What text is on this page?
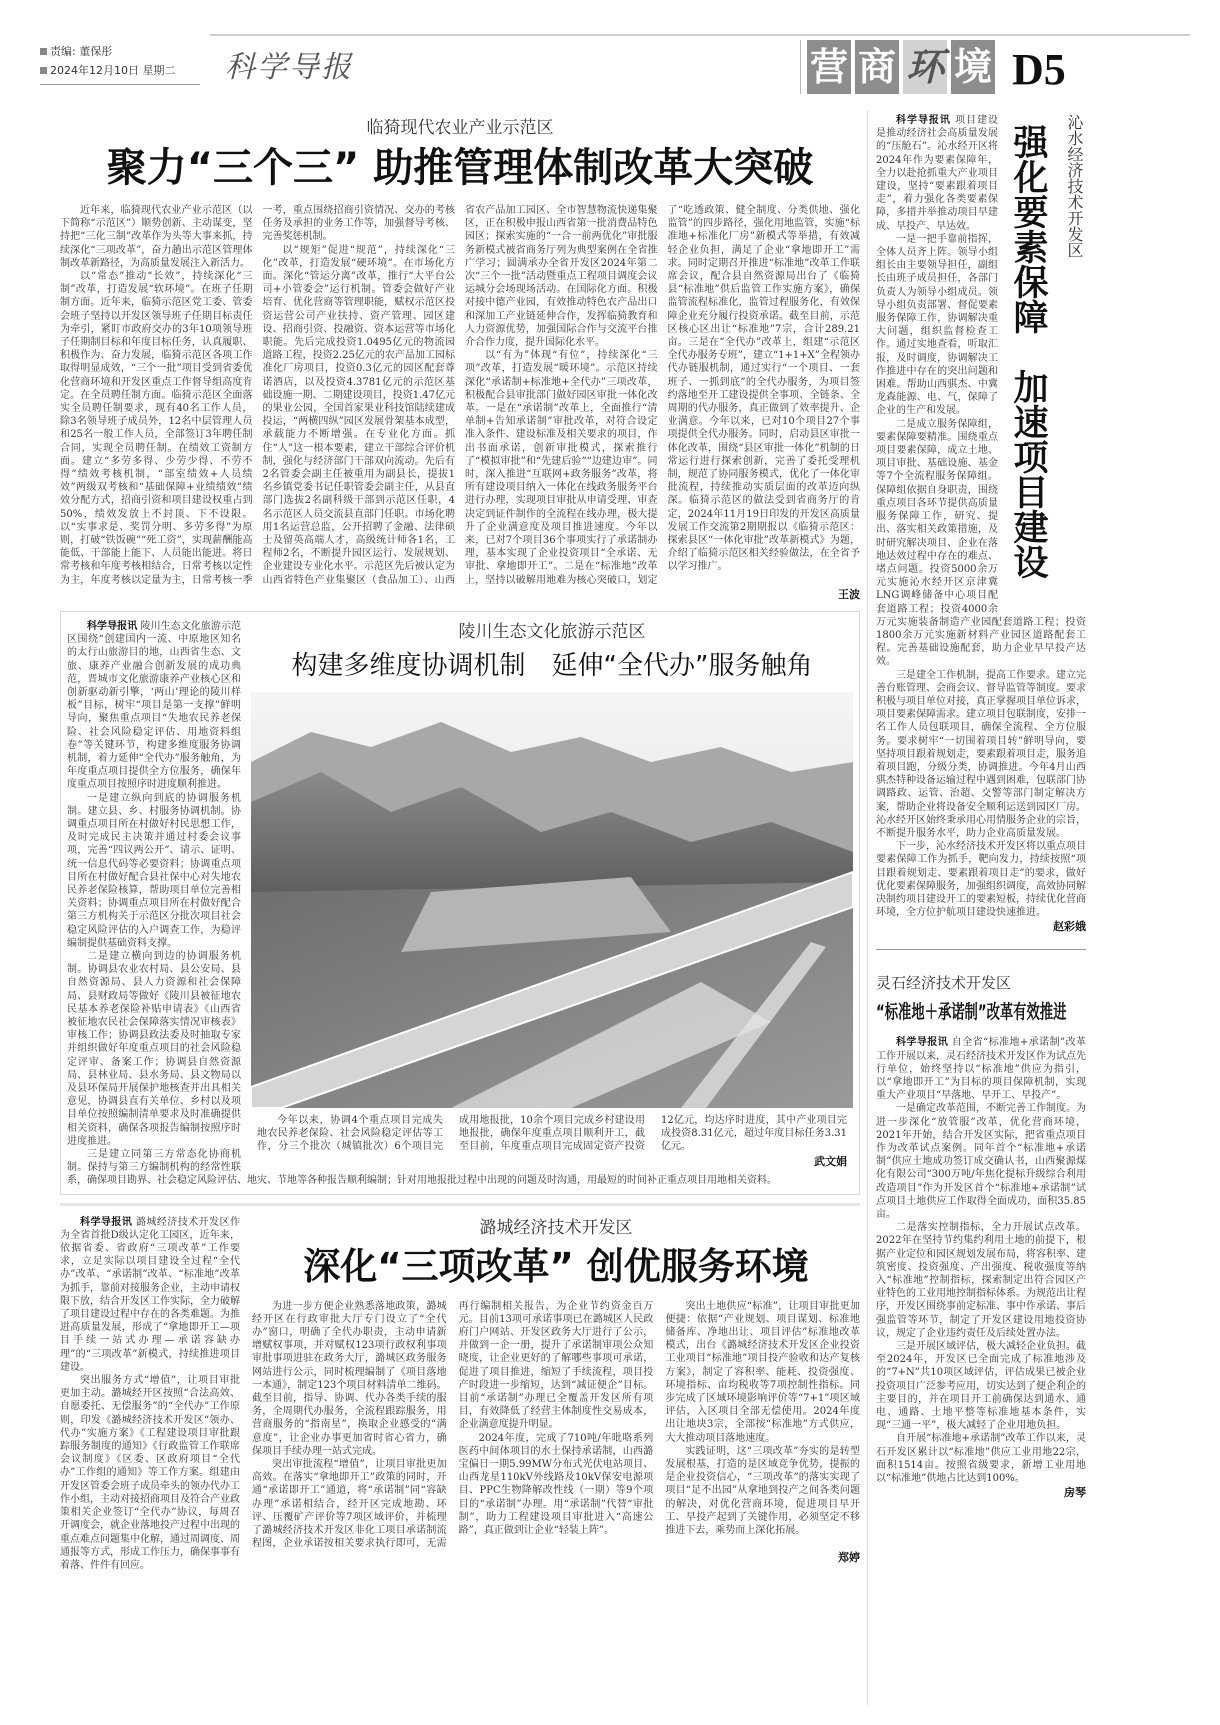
责编: 董保彤
2024年12月10日 星期二 科学导报	营 商 环 境 D5
临猗现代农业产业示范区
聚力“三个三” 助推管理体制改革大突破

近年来，临猗现代农业产业示范区（以下简称“示范区”）顺势创新、主动谋变，坚持把“三化三制”改革作为头等大事来抓，持续深化“三项改革”，奋力趟出示范区管理体制改革新路径，为高质量发展注入新活力。

以“常态”推动“长效”，持续深化“三制”改革，打造发展“软环境”。在班子任期制方面。近年来，临猗示范区党工委、管委会班子坚持以开发区领导班子任期目标责任为牵引，紧盯市政府交办的3年10项领导班子任期制目标和年度目标任务，认真履职、积极作为、奋力发展，临猗示范区各项工作取得明显成效，“三个一批”项目受到省委优化营商环境和开发区重点工作督导组高度肯定。在全员聘任制方面。临猗示范区全面落实全员聘任制要求，现有40名工作人员，除3名领导班子成员外，12名中层管理人员和25名一般工作人员，全部签订3年聘任制合同，实现全员聘任制。在绩效工资制方面。建立“多劳多得、少劳少得、不劳不得”绩效考核机制，“部室绩效+人员绩效”两级双考核和“基础保障+业绩绩效”绩效分配方式，招商引资和项目建设权重占到50%，绩效发放上不封顶、下不设限。以“实事求是、奖罚分明、多劳多得”为原则，打破“铁饭碗”“死工资”，实现薪酬能高能低、干部能上能下、人员能出能进。将日常考核和年度考核相结合，日常考核以定性为主，年度考核以定量为主，日常考核一季一考，重点围绕招商引资情况、交办的考核任务及承担的业务工作等，加强督导考核、完善奖惩机制。

以“规矩”促进“规范”，持续深化“三化”改革，打造发展“硬环境”。在市场化方面。深化“管运分离”改革，推行“大平台公司+小管委会”运行机制。管委会做好产业培育、优化营商等管理职能，赋权示范区投资运营公司产业扶持、资产管理、园区建设、招商引资、投融资、资本运营等市场化职能。先后完成投资1.0495亿元的物流园道路工程，投资2.25亿元的农产品加工园标准化厂房项目，投资0.3亿元的园区配套尊诺酒店，以及投资4.3781亿元的示范区基础设施一期、二期建设项目，投资1.47亿元的果业公园，全国首家果业科技馆陆续建成投运，“两横四纵”园区发展骨架基本成型，承载能力不断增强。在专业化方面。抓住“人”这一根本要素，建立干部综合评价机制，强化与经济部门干部双向流动。先后有2名管委会副主任被重用为副县长，提拔1名乡镇党委书记任职管委会副主任，从县直部门选拔2名副科级干部到示范区任职，4名示范区人员交流县直部门任职。市场化聘用1名运营总监，公开招聘了金融、法律硕士及留英高端人才，高级统计师各1名，工程师2名，不断提升园区运行、发展规划、企业建设专业化水平。示范区先后被认定为山西省特色产业集聚区（食品加工）、山西省农产品加工园区、全市智慧物流快递集聚区，正在积极申报山西省第一批消费品特色园区；探索实施的“一合一前两优化”审批服务新模式被省商务厅列为典型案例在全省推广学习；圆满承办全省开发区2024年第二次“三个一批”活动暨重点工程项目调度会议运城分会场现场活动。在国际化方面。积极对接中德产业园，有效推动特色农产品出口和深加工产业链延伸合作，发挥临猗教育和人力资源优势，加强国际合作与交流平台推介合作力度，提升国际化水平。

以“有为”体现“有位”，持续深化“三项”改革，打造发展“暖环境”。示范区持续深化“承诺制+标准地+全代办”三项改革，积极配合县审批部门做好园区审批一体化改革。一是在“承诺制”改革上，全面推行“清单制+告知承诺制”审批改革，对符合设定准入条件、建设标准及相关要求的项目，作出书面承诺，创新审批模式，探索推行了“模拟审批”和“先建后验”“边建边审”。同时，深入推进“互联网+政务服务”改革，将所有建设项目纳入一体化在线政务服务平台进行办理，实现项目审批从申请受理、审查决定到证件制作的全流程在线办理，极大提升了企业满意度及项目推进速度。今年以来，已对7个项目36个事项实行了承诺制办理，基本实现了企业投资项目“全承诺、无审批、拿地即开工”。二是在“标准地”改革上，坚持以破解用地难为核心突破口，划定了“吃透政策、健全制度、分类供地、强化监管”的四步路径，强化用地监管，实施“标准地+标准化厂房”新模式等举措，有效减轻企业负担，满足了企业“拿地即开工”需求。同时定期召开推进“标准地”改革工作联席会议，配合县自然资源局出台了《临猗县“标准地”供后监管工作实施方案》，确保监管流程标准化，监管过程服务化，有效保障企业充分履行投资承诺。截至目前，示范区核心区出让“标准地”7宗，合计289.21亩。三是在“全代办”改革上，组建“示范区全代办服务专班”，建立“1+1+X”全程领办代办链服机制，通过实行“一个项目、一套班子、一抓到底”的全代办服务，为项目签约落地至开工建设提供全事项、全链条、全周期的代办服务，真正做到了效率提升、企业满意。今年以来，已对10个项目27个事项提供全代办服务。同时，启动县区审批一体化改革，围绕“县区审批一体化”机制的日常运行进行探索创新，完善了委托受理机制，规范了协同服务模式，优化了一体化审批流程，持续推动实质层面的改革迈向纵深。临猗示范区的做法受到省商务厅的肯定，2024年11月19日印发的开发区高质量发展工作交流第2期期报以《临猗示范区：探索县区“一体化审批”改革新模式》为题，介绍了临猗示范区相关经验做法，在全省予以学习推广。

王波
陵川生态文化旅游示范区
构建多维度协调机制　延伸“全代办”服务触角
今年以来，协调4个重点项目完成失地农民养老保险、社会风险稳定评估等工作，分三个批次（城镇批次）6个项目完成用地报批，10余个项目完成乡村建设用地报批，确保年度重点项目顺利开工，截至目前，年度重点项目完成固定资产投资12亿元，均达序时进度，其中产业项目完成投资8.31亿元，超过年度目标任务3.31亿元。
武文娟

科学导报讯 陵川生态文化旅游示范区围绕“创建国内一流、中原地区知名的太行山旅游目的地，山西省生态、文旅、康养产业融合创新发展的成功典范，晋城市文化旅游康养产业核心区和创新驱动新引擎，‘两山’理论的陵川样板”目标，树牢“项目是第一支撑”鲜明导向，聚焦重点项目“失地农民养老保险、社会风险稳定评估、用地资料组卷”等关键环节，构建多维度服务协调机制，着力延伸“全代办”服务触角，为年度重点项目提供全方位服务，确保年度重点项目按照序时进度顺利推进。

一是建立纵向到底的协调服务机制。建立县、乡、村服务协调机制。协调重点项目所在村做好村民思想工作，及时完成民主决策并通过村委会议事项，完善“四议两公开”、请示、证明、统一信息代码等必要资料；协调重点项目所在村做好配合县社保中心对失地农民养老保险核算，帮助项目单位完善相关资料；协调重点项目所在村做好配合第三方机构关于示范区分批次项目社会稳定风险评估的入户调查工作，为稳评编制提供基础资料支撑。

二是建立横向到边的协调服务机制。协调县农业农村局、县公安局、县自然资源局、县人力资源和社会保障局、县财政局等做好《陵川县被征地农民基本养老保险补贴申请表》《山西省被征地农民社会保障落实情况审核表》审核工作；协调县政法委及时抽取专家并组织做好年度重点项目的社会风险稳定评审、备案工作；协调县自然资源局、县林业局、县水务局、县文物局以及县环保局开展保护地核查并出具相关意见，协调县直有关单位、乡村以及项目单位按照编制清单要求及时准确提供相关资料，确保各项报告编制按照序时进度推进。

三是建立同第三方常态化协商机制。保持与第三方编制机构的经常性联系，确保项目勘界、社会稳定风险评估、地灾、节地等各种报告顺利编制；针对用地报批过程中出现的问题及时沟通，用最短的时间补正重点项目用地相关资料。

科学导报讯 潞城经济技术开发区作为全省首批D级认定化工园区，近年来，依据省委、省政府“三项改革”工作要求，立足实际以项目建设全过程“全代办”改革、“承诺制”改革、“标准地”改革为抓手，靠前对接服务企业，主动申请权限下放，结合开发区工作实际，全力破解了项目建设过程中存在的各类难题。为推进高质量发展，形成了“拿地即开工—项目手续一站式办理—承诺容缺办理”的“三项改革”新模式，持续推进项目建设。

突出服务方式“增值”，让项目审批更加主动。潞城经开区按照“合法高效、自愿委托、无偿服务”的“全代办”工作原则，印发《潞城经济技术开发区“领办、代办”实施方案》《工程建设项目审批跟踪服务制度的通知》《行政监管工作联席会议制度》《区委、区政府项目“全代办”工作组的通知》等工作方案。组建由开发区管委会班子成员牵头的领办代办工作小组，主动对接招商项目及符合产业政策相关企业签订“全代办”协议，每周召开调度会，就企业落地投产过程中出现的重点难点问题集中化解，通过周调度、周通报等方式，形成工作压力，确保事事有着落、件件有回应。

潞城经济技术开发区
深化“三项改革” 创优服务环境

为进一步方便企业熟悉落地政策，潞城经开区在行政审批大厅专门设立了“全代办”窗口，明确了全代办职责，主动申请新增赋权事项，并对赋权123项行政权利事项审批事项进驻在政务大厅，潞城区政务服务网站进行公示，同时梳理编制了《项目落地一本通》，制定123个项目材料清单二维码。截至目前，指导、协调、代办各类手续的服务，全周期代办服务，全流程跟踪服务，用营商服务的“指南星”，换取企业感受的“满意度”，让企业办事更加省时省心省力，确保项目手续办理一站式完成。

突出审批流程“增值”，让项目审批更加高效。在落实“拿地即开工”政策的同时，开通“承诺即开工”通道，将“承诺制”同“容缺办理”承诺相结合，经开区完成地勘、环评、压覆矿产评价等7项区域评价，并梳理了潞城经济技术开发区非化工项目承诺制流程图，企业承诺按相关要求执行即可，无需再行编制相关报告，为企业节约资金百万元。目前13项可承诺事项已在潞城区人民政府门户网站、开发区政务大厅进行了公示，并做到一企一册，提升了承诺制审项公众知晓度，让企业更好的了解哪些事项可承诺，促进了项目推进，缩短了手续流程，项目投产时段进一步缩短，达到“减证便企”目标。目前“承诺制”办理已全覆盖开发区所有项目，有效降低了经营主体制度性交易成本，企业满意度提升明显。

2024年度，完成了710吨/年吡咯系列医药中间体项目的水土保持承诺制，山西潞宝偏日一期5.99MW分布式光伏电站项目、山西龙星110kV外线路及10kV保安电源项目、PPC生物降解改性线（一期）等9个项目的“承诺制”办理。用“承诺制”代替“审批制”，助力工程建设项目审批进入“高速公路”，真正做到让企业“轻装上阵”。

突出土地供应“标准”，让项目审批更加便捷：依据“产业规划、项目谋划、标准地储备库、净地出让、项目评估”标准地改革模式，出台《潞城经济技术开发区企业投资工业项目“标准地”项目投产验收和达产复核方案》，制定了容积率、能耗、投资强度、环境指标、亩均税收等7项控制性指标。同步完成了区域环境影响评价等“7+1”项区域评估，入区项目全部无偿使用。2024年度出让地块3宗，全部按“标准地”方式供应，大大推动项目落地速度。

实践证明，这“三项改革”夯实的是转型发展根基，打造的是区域竞争优势，提振的是企业投资信心，“三项改革”的落实实现了项目“足不出园”从拿地到投产之间各类问题的解决，对优化营商环境，促进项目早开工、早投产起到了关键作用，必须坚定不移推进下去，乘势而上深化拓展。

郑婷
强化要素保障　加速项目建设 沁水经济技术开发区

科学导报讯 项目建设是推动经济社会高质量发展的“压舱石”。沁水经开区将2024年作为要素保障年，全力以赴抢抓重大产业项目建设，坚持“要素跟着项目走”，着力强化各类要素保障，多措并举推动项目早建成、早投产、早达效。

一是一把手靠前指挥，全体人员齐上阵。领导小组组长由主要领导担任，副组长由班子成员担任，各部门负责人为领导小组成员。领导小组负责部署、督促要素服务保障工作，协调解决重大问题，组织监督检查工作。通过实地查看，听取汇报，及时调度，协调解决工作推进中存在的突出问题和困难。帮助山西骐杰、中冀龙森能源、电、气，保障了企业的生产和发展。

二是成立服务保障组，要素保障要精准。围绕重点项目要素保障，成立土地、项目审批、基础设施、基金等7个全流程服务保障组。保障组依据自身职责，围绕重点项目各环节提供高质量服务保障工作，研究、提出、落实相关政策措施，及时研究解决项目、企业在落地达效过程中存在的难点、堵点问题。投资5000余万元实施沁水经开区京津冀LNG调峰储备中心项目配套道路工程；投资4000余万元实施装备制造产业园配套道路工程；投资1800余万元实施新材料产业园区道路配套工程。完善基础设施配套，助力企业早早投产达效。

三是建全工作机制，提高工作要求。建立完善台账管理、会商会议、督导监管等制度。要求积极与项目单位对接，真正掌握项目单位诉求，项目要素保障需求。建立项目包联制度，安排一名工作人员包联项目，确保全流程、全方位服务。要求树牢“一切围着项目转”鲜明导向，要坚持项目跟着规划走，要素跟着项目走，服务追着项目跑，分级分类，协调推进。今年4月山西骐杰特种设备运输过程中遇到困难，包联部门协调路政、运管、治超、交警等部门制定解决方案，帮助企业将设备安全顺利运送到园区厂房。沁水经开区始终秉承用心用情服务企业的宗旨，不断提升服务水平，助力企业高质量发展。

下一步，沁水经济技术开发区将以重点项目要素保障工作为抓手，靶向发力，持续按照“项目跟着规划走、要素跟着项目走”的要求，做好优化要素保障服务，加强组织调度，高效协同解决制约项目建设开工的要素短板，持续优化营商环境，全方位护航项目建设快速推进。

赵彩娥
灵石经济技术开发区
“标准地＋承诺制”改革有效推进

科学导报讯 自全省“标准地+承诺制”改革工作开展以来，灵石经济技术开发区作为试点先行单位，始终坚持以“标准地”供应为指引，以“拿地即开工”为目标的项目保障机制，实现重大产业项目“早落地、早开工、早投产”。

一是确定改革范围，不断完善工作制度。为进一步深化“放管服”改革，优化营商环境，2021年开始，结合开发区实际，把省重点项目作为改革试点案例。同年首个“标准地+承诺制”供应土地成功签订成交确认书，山西聚源煤化有限公司“300万吨/年焦化提标升级综合利用改造项目”作为开发区首个“标准地+承诺制”试点项目土地供应工作取得全面成功，面积35.85亩。

二是落实控制指标，全力开展试点改革。2022年在坚持节约集约利用土地的前提下，根据产业定位和园区规划发展布局，将容积率、建筑密度、投资强度、产出强度、税收强度等纳入“标准地”控制指标，探索制定出符合园区产业特色的工业用地控制指标体系。为规范出让程序，开发区围绕事前定标准、事中作承诺、事后强监管等环节，制定了开发区建设用地投资协议，规定了企业违约责任及后续处置办法。

三是开展区域评估，极大减轻企业负担。截至2024年，开发区已全面完成了标准地涉及的“7+N”共10项区域评估，评估成果已被企业投资项目广泛参考应用，切实达到了便企利企的主要目的，并在项目开工前确保达到通水、通电、通路、土地平整等标准地基本条件，实现“三通一平”，极大减轻了企业用地负担。

自开展“标准地+承诺制”改革工作以来，灵石开发区累计以“标准地”供应工业用地22宗，面积1514亩。按照省级要求，新增工业用地以“标准地”供地占比达到100%。

房琴
